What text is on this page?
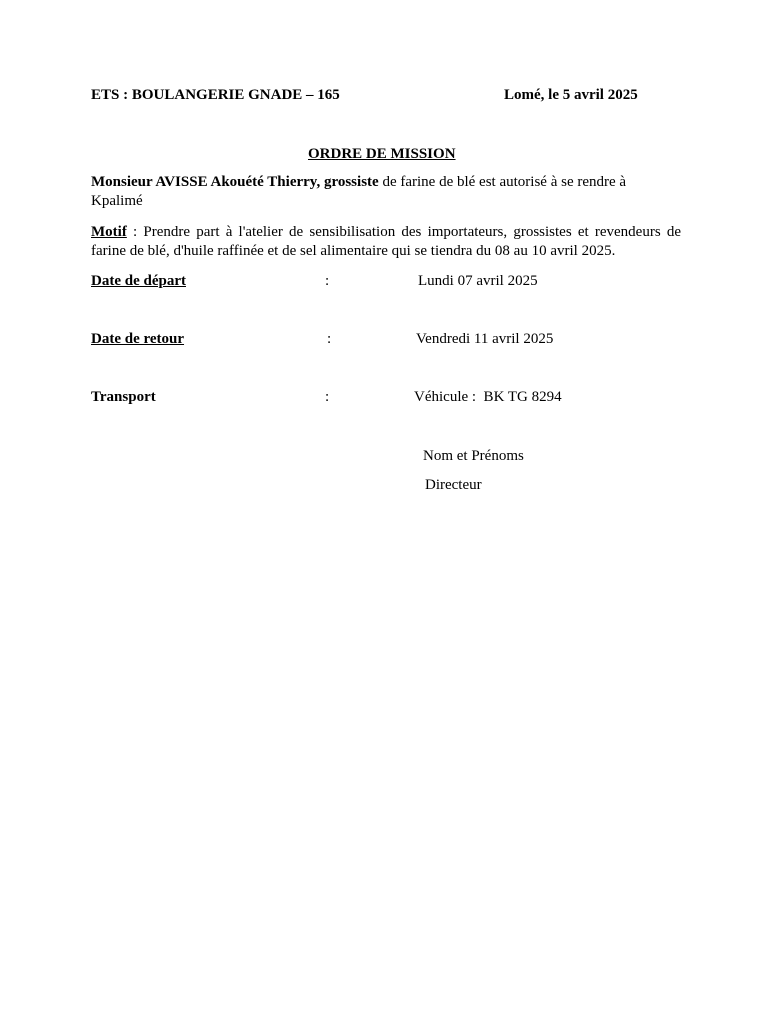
ETS : BOULANGERIE GNADE – 165	Lomé, le 5 avril 2025
ORDRE DE MISSION
Monsieur AVISSE Akouété Thierry, grossiste de farine de blé est autorisé à se rendre à Kpalimé
Motif : Prendre part à l'atelier de sensibilisation des importateurs, grossistes et revendeurs de farine de blé, d'huile raffinée et de sel alimentaire qui se tiendra du 08 au 10 avril 2025.
Date de départ	:	Lundi 07 avril 2025
Date de retour	:	Vendredi 11 avril 2025
Transport	:	Véhicule :  BK TG 8294
Nom et Prénoms
Directeur
